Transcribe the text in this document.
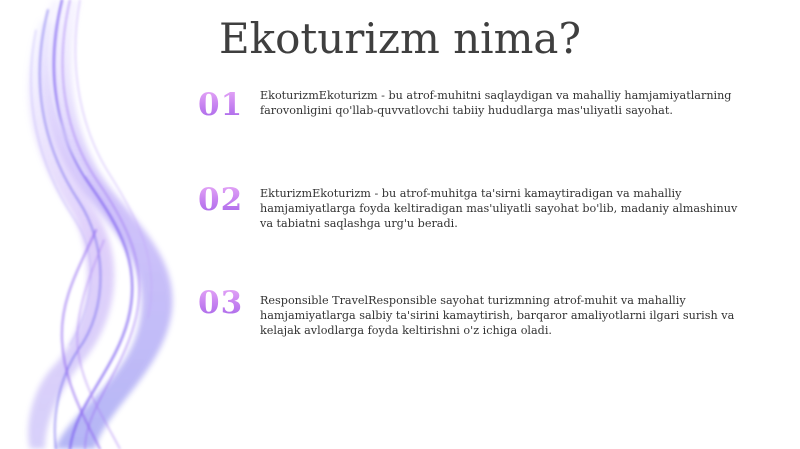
Ekoturizm nima?
01 EkoturizmEkoturizm - bu atrof-muhitni saqlaydigan va mahalliy hamjamiyatlarning farovonligini qo'llab-quvvatlovchi tabiiy hududlarga mas'uliyatli sayohat.

02 EkturizmEkoturizm - bu atrof-muhitga ta'sirni kamaytiradigan va mahalliy hamjamiyatlarga foyda keltiradigan mas'uliyatli sayohat bo'lib, madaniy almashinuv va tabiatni saqlashga urg'u beradi.

03 Responsible TravelResponsible sayohat turizmning atrof-muhit va mahalliy hamjamiyatlarga salbiy ta'sirini kamaytirish, barqaror amaliyotlarni ilgari surish va kelajak avlodlarga foyda keltirishni o'z ichiga oladi.
